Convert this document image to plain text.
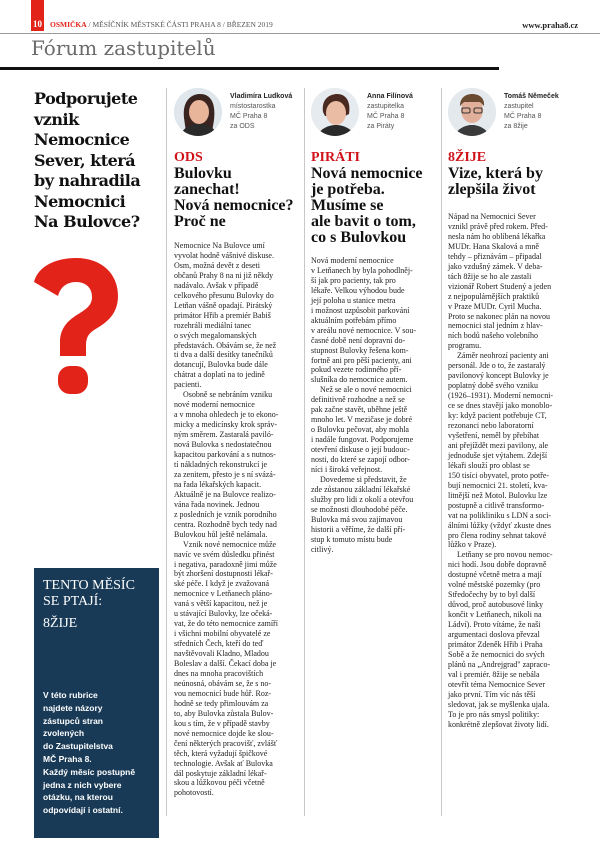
10 OSMIČKA / MĚSÍČNÍK MĚSTSKÉ ČÁSTI PRAHA 8 / BŘEZEN 2019	www.praha8.cz
Fórum zastupitelů
Podporujete
vznik
Nemocnice
Sever, která
by nahradila
Nemocnici
Na Bulovce?
TENTO MĚSÍC
SE PTAJÍ:
8ŽIJE
V této rubrice
najdete názory
zástupců stran
zvolených
do Zastupitelstva
MČ Praha 8.
Každý měsíc postupně
jedna z nich vybere
otázku, na kterou
odpovídají i ostatní.
Vladimíra Ludková
místostarostka
MČ Praha 8
za ODS
ODS
Bulovku
zanechat!
Nová nemocnice?
Proč ne

Nemocnice Na Bulovce umí
vyvolat hodně vášnivé diskuse.
Osm, možná devět z deseti
občanů Prahy 8 na ni již někdy
nadávalo. Avšak v případě
celkového přesunu Bulovky do
Letňan vášně opadají. Pirátský
primátor Hřib a premiér Babiš
rozehráli mediální tanec
o svých megalomanských
představách. Obávám se, že než
ti dva a další desítky tanečníků
dotancují, Bulovka bude dále
chátrat a doplatí na to jedině
pacienti.

Osobně se nebráním vzniku
nové moderní nemocnice
a v mnoha ohledech je to ekono-
micky a medicínsky krok správ-
ným směrem. Zastaralá paviló-
nová Bulovka s nedostatečnou
kapacitou parkování a s nutnos-
tí nákladných rekonstrukcí je
za zenitem, přesto je s ní svázá-
na řada lékařských kapacit.
Aktuálně je na Bulovce realizo-
vána řada novinek. Jednou
z posledních je vznik porodního
centra. Rozhodně bych tedy nad
Bulovkou hůl ještě nelámala.

Vznik nové nemocnice může
navíc ve svém důsledku přinést
i negativa, paradoxně jimi může
být zhoršení dostupnosti lékař-
ské péče. I když je zvažovaná
nemocnice v Letňanech pláno-
vaná s větší kapacitou, než je
u stávající Bulovky, lze očeká-
vat, že do této nemocnice zamíří
i všichni mobilní obyvatelé ze
středních Čech, kteří do teď
navštěvovali Kladno, Mladou
Boleslav a další. Čekací doba je
dnes na mnoha pracovištích
neúnosná, obávám se, že s no-
vou nemocnicí bude hůř. Roz-
hodně se tedy přimlouvám za
to, aby Bulovka zůstala Bulov-
kou s tím, že v případě stavby
nové nemocnice dojde ke slou-
čení některých pracovišť, zvlášť
těch, která vyžadují špičkové
technologie. Avšak ať Bulovka
dál poskytuje základní lékař-
skou a lůžkovou péči včetně
pohotovostí.

Anna Filínová
zastupitelka
MČ Praha 8
za Piráty
PIRÁTI
Nová nemocnice
je potřeba.
Musíme se
ale bavit o tom,
co s Bulovkou

Nová moderní nemocnice
v Letňanech by byla pohodlněj-
ší jak pro pacienty, tak pro
lékaře. Velkou výhodou bude
její poloha u stanice metra
i možnost uzpůsobit parkování
aktuálním potřebám přímo
v areálu nové nemocnice. V sou-
časné době není dopravní do-
stupnost Bulovky řešena kom-
fortně ani pro pěší pacienty, ani
pokud vezete rodinného pří-
slušníka do nemocnice autem.

Než se ale o nové nemocnici
definitivně rozhodne a než se
pak začne stavět, uběhne ještě
mnoho let. V mezičase je dobré
o Bulovku pečovat, aby mohla
i nadále fungovat. Podporujeme
otevření diskuse o její budouc-
nosti, do které se zapojí odbor-
níci i široká veřejnost.

Dovedeme si představit, že
zde zůstanou základní lékařské
služby pro lidi z okolí a otevřou
se možnosti dlouhodobé péče.
Bulovka má svou zajímavou
historii a věříme, že další pří-
stup k tomuto místu bude
citlivý.

Tomáš Němeček
zastupitel
MČ Praha 8
za 8žije
8ŽIJE
Vize, která by
zlepšila život

Nápad na Nemocnici Sever
vznikl právě před rokem. Před-
nesla nám ho oblíbená lékařka
MUDr. Hana Skalová a mně
tehdy – přiznávám – připadal
jako vzdušný zámek. V deba-
tách 8žije se ho ale zastali
vizionář Robert Studený a jeden
z nejpopulárnějších praktiků
v Praze MUDr. Cyril Mucha.
Proto se nakonec plán na novou
nemocnici stal jedním z hlav-
ních bodů našeho volebního
programu.

Záměr neohrozí pacienty ani
personál. Jde o to, že zastaralý
pavilonový koncept Bulovky je
poplatný době svého vzniku
(1926–1931). Moderní nemocni-
ce se dnes stavějí jako monoblo-
ky: když pacient potřebuje CT,
rezonanci nebo laboratorní
vyšetření, neměl by přebíhat
ani přejíždět mezi pavilony, ale
jednoduše sjet výtahem. Zdejší
lékaři slouží pro oblast se
150 tisíci obyvatel, proto potře-
bují nemocnici 21. století, kva-
litnější než Motol. Bulovku lze
postupně a citlivě transformo-
vat na polikliniku s LDN a soci-
álními lůžky (vždyť zkuste dnes
pro člena rodiny sehnat takové
lůžko v Praze).

Letňany se pro novou nemoc-
nici hodí. Jsou dobře dopravně
dostupné včetně metra a mají
volné městské pozemky (pro
Středočechy by to byl další
důvod, proč autobusové linky
končit v Letňanech, nikoli na
Ládví). Proto vítáme, že naši
argumentaci doslova převzal
primátor Zdeněk Hřib i Praha
Sobě a že nemocnici do svých
plánů na „Andrejgrad" zapraco-
val i premiér. 8žije se nebála
otevřít téma Nemocnice Sever
jako první. Tím víc nás těší
sledovat, jak se myšlenka ujala.
To je pro nás smysl politiky:
konkrétně zlepšovat životy lidí.
